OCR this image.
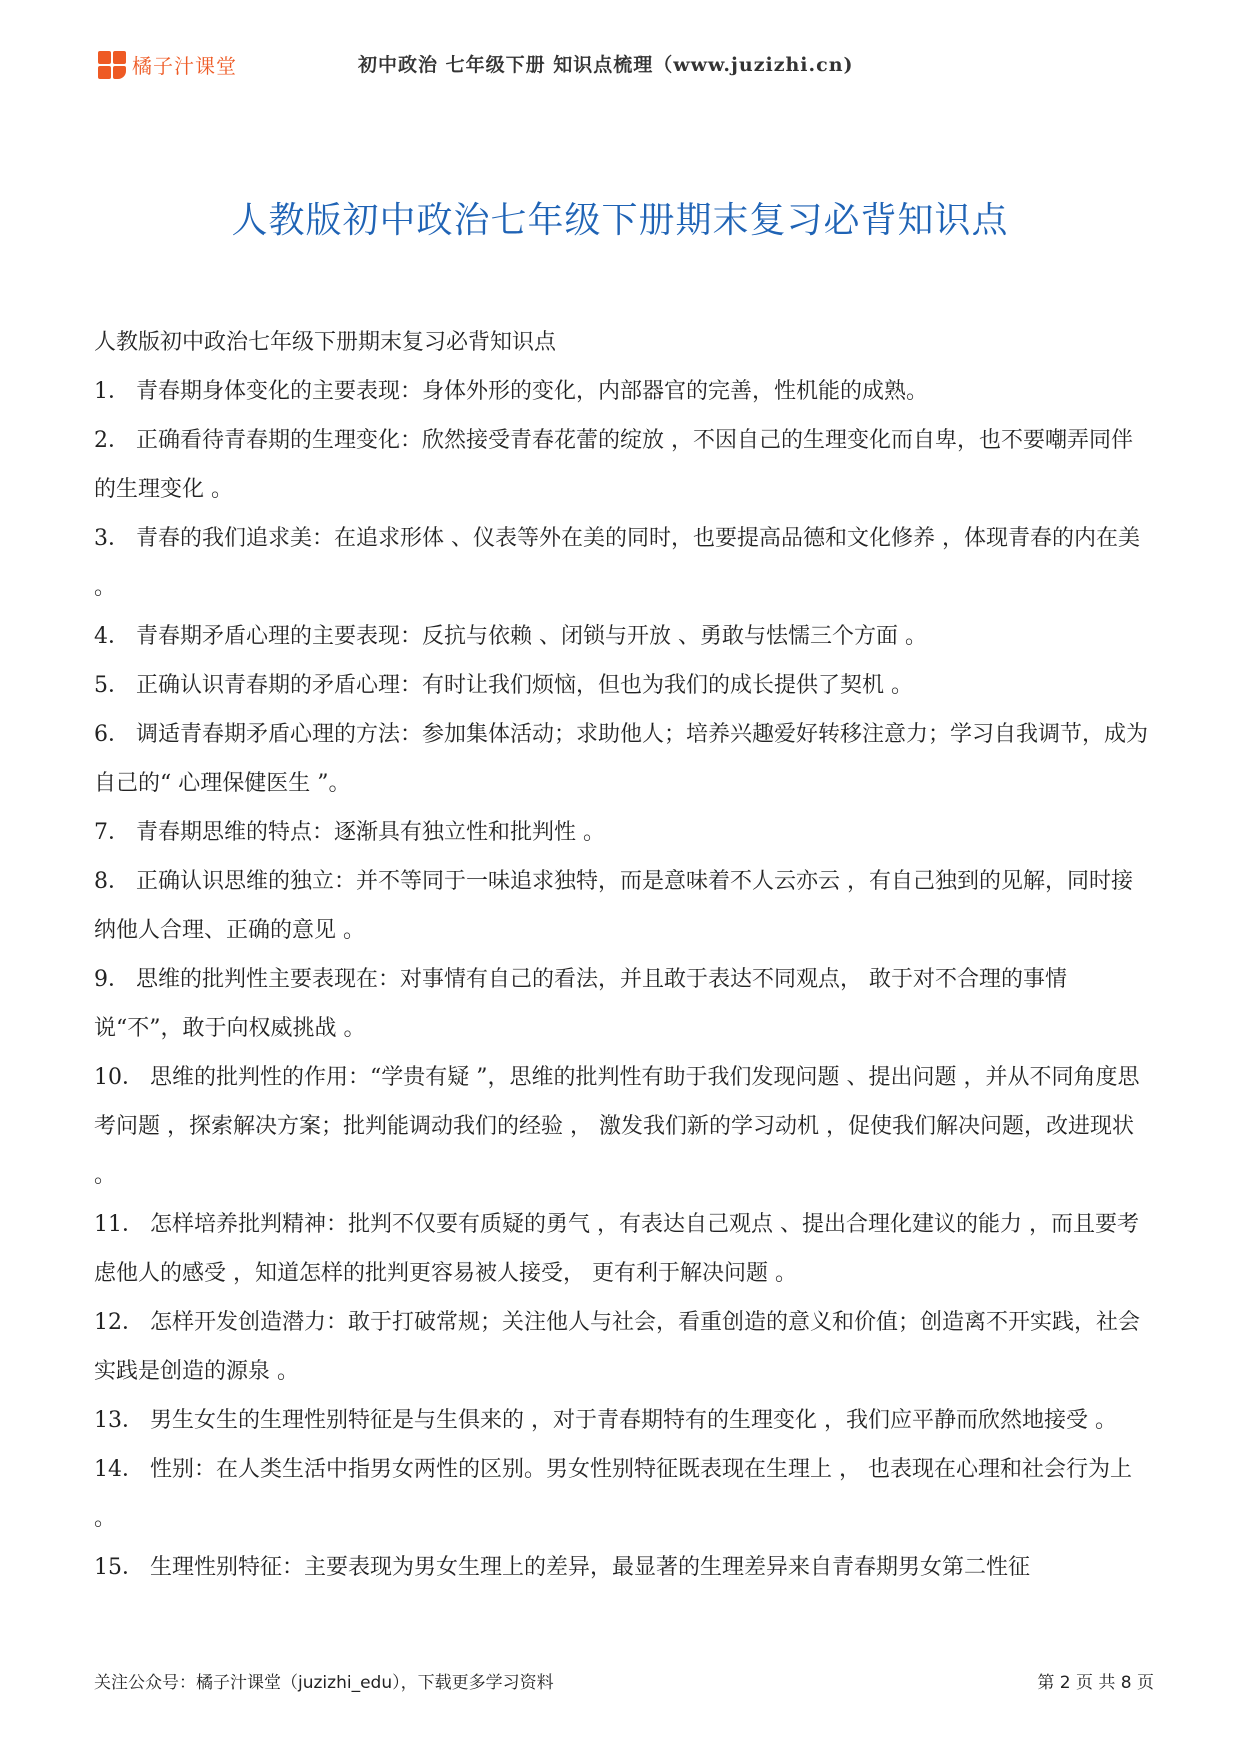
橘子汁课堂	初中政治 七年级下册 知识点梳理（www.juzizhi.cn)
人教版初中政治七年级下册期末复习必背知识点

人教版初中政治七年级下册期末复习必背知识点

1． 青春期身体变化的主要表现：身体外形的变化，内部器官的完善，性机能的成熟。

2． 正确看待青春期的生理变化：欣然接受青春花蕾的绽放 ，不因自己的生理变化而自卑，也不要嘲弄同伴的生理变化 。

3． 青春的我们追求美：在追求形体 、仪表等外在美的同时，也要提高品德和文化修养 ，体现青春的内在美 。

4． 青春期矛盾心理的主要表现：反抗与依赖 、闭锁与开放 、勇敢与怯懦三个方面 。

5． 正确认识青春期的矛盾心理：有时让我们烦恼，但也为我们的成长提供了契机 。

6． 调适青春期矛盾心理的方法：参加集体活动；求助他人；培养兴趣爱好转移注意力；学习自我调节，成为自己的“ 心理保健医生 ”。

7． 青春期思维的特点：逐渐具有独立性和批判性 。

8． 正确认识思维的独立：并不等同于一味追求独特，而是意味着不人云亦云 ，有自己独到的见解，同时接纳他人合理、正确的意见 。

9． 思维的批判性主要表现在：对事情有自己的看法，并且敢于表达不同观点， 敢于对不合理的事情说“不”，敢于向权威挑战 。

10． 思维的批判性的作用：“学贵有疑 ”，思维的批判性有助于我们发现问题 、提出问题 ，并从不同角度思考问题 ，探索解决方案；批判能调动我们的经验 ， 激发我们新的学习动机 ，促使我们解决问题，改进现状 。

11． 怎样培养批判精神：批判不仅要有质疑的勇气 ，有表达自己观点 、提出合理化建议的能力 ，而且要考虑他人的感受 ，知道怎样的批判更容易被人接受， 更有利于解决问题 。

12． 怎样开发创造潜力：敢于打破常规；关注他人与社会，看重创造的意义和价值；创造离不开实践，社会实践是创造的源泉 。

13． 男生女生的生理性别特征是与生俱来的 ，对于青春期特有的生理变化 ，我们应平静而欣然地接受 。

14． 性别：在人类生活中指男女两性的区别。男女性别特征既表现在生理上 ， 也表现在心理和社会行为上 。

15． 生理性别特征：主要表现为男女生理上的差异，最显著的生理差异来自青春期男女第二性征

关注公众号：橘子汁课堂（juzizhi_edu），下载更多学习资料	第 2 页 共 8 页
